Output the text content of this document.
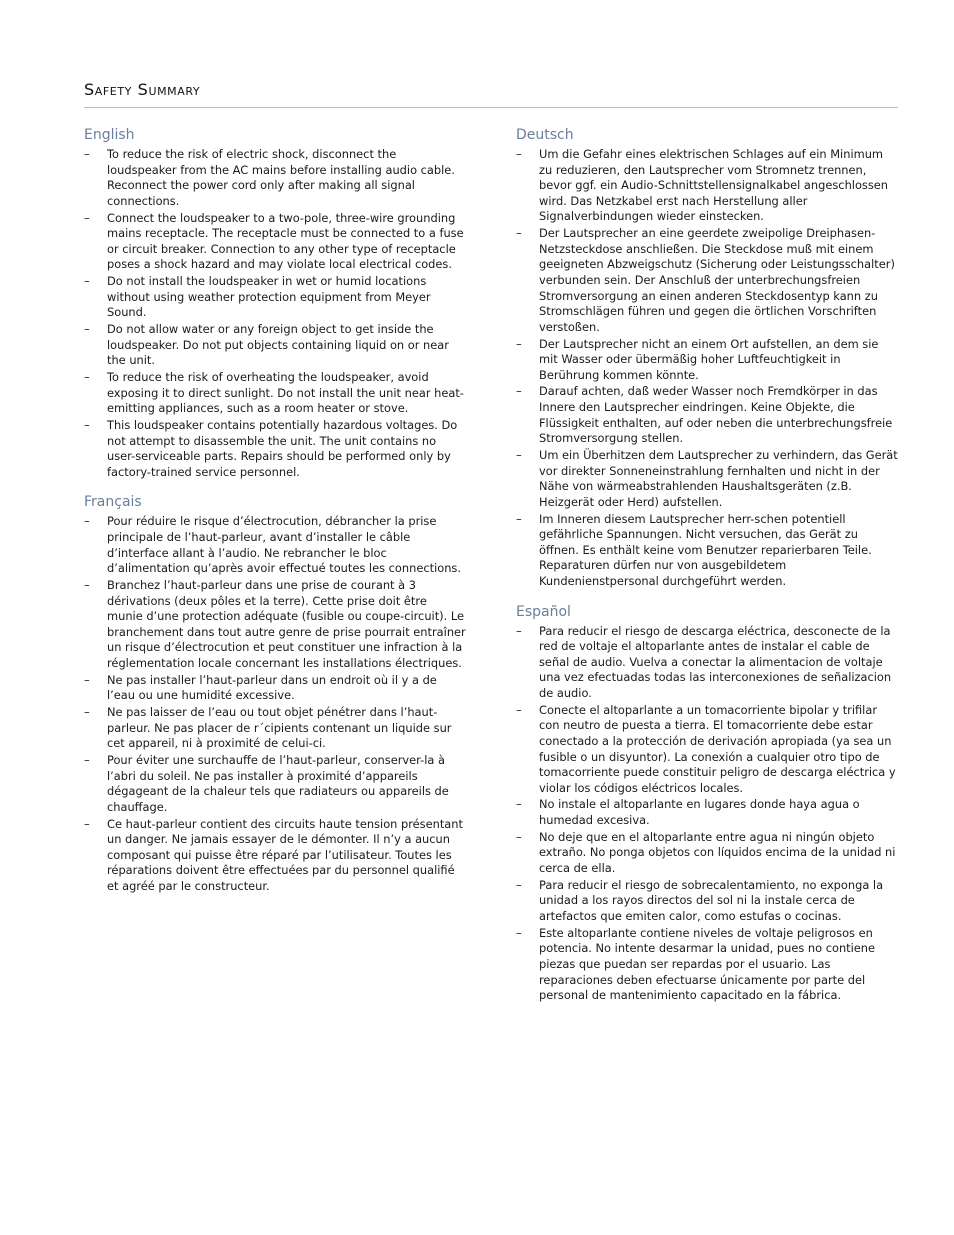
Safety Summary
English
– To reduce the risk of electric shock, disconnect the loudspeaker from the AC mains before installing audio cable. Reconnect the power cord only after making all signal connections.
– Connect the loudspeaker to a two-pole, three-wire grounding mains receptacle. The receptacle must be connected to a fuse or circuit breaker. Connection to any other type of receptacle poses a shock hazard and may violate local electrical codes.
– Do not install the loudspeaker in wet or humid locations without using weather protection equipment from Meyer Sound.
– Do not allow water or any foreign object to get inside the loudspeaker. Do not put objects containing liquid on or near the unit.
– To reduce the risk of overheating the loudspeaker, avoid exposing it to direct sunlight. Do not install the unit near heat-emitting appliances, such as a room heater or stove.
– This loudspeaker contains potentially hazardous voltages. Do not attempt to disassemble the unit. The unit contains no user-serviceable parts. Repairs should be performed only by factory-trained service personnel.
Français
– Pour réduire le risque d’électrocution, débrancher la prise principale de l’haut-parleur, avant d’installer le câble d’interface allant à l’audio. Ne rebrancher le bloc d’alimentation qu’après avoir effectué toutes les connections.
– Branchez l’haut-parleur dans une prise de courant à 3 dérivations (deux pôles et la terre). Cette prise doit être munie d’une protection adéquate (fusible ou coupe-circuit). Le branchement dans tout autre genre de prise pourrait entraîner un risque d’électrocution et peut constituer une infraction à la réglementation locale concernant les installations électriques.
– Ne pas installer l’haut-parleur dans un endroit où il y a de l’eau ou une humidité excessive.
– Ne pas laisser de l’eau ou tout objet pénétrer dans l’haut-parleur. Ne pas placer de r´cipients contenant un liquide sur cet appareil, ni à proximité de celui-ci.
– Pour éviter une surchauffe de l’haut-parleur, conserver-la à l’abri du soleil. Ne pas installer à proximité d’appareils dégageant de la chaleur tels que radiateurs ou appareils de chauffage.
– Ce haut-parleur contient des circuits haute tension présentant un danger. Ne jamais essayer de le démonter. Il n’y a aucun composant qui puisse être réparé par l’utilisateur. Toutes les réparations doivent être effectuées par du personnel qualifié et agréé par le constructeur.
Deutsch
– Um die Gefahr eines elektrischen Schlages auf ein Minimum zu reduzieren, den Lautsprecher vom Stromnetz trennen, bevor ggf. ein Audio-Schnittstellensignalkabel angeschlossen wird. Das Netzkabel erst nach Herstellung aller Signalverbindungen wieder einstecken.
– Der Lautsprecher an eine geerdete zweipolige Dreiphasen-Netzsteckdose anschließen. Die Steckdose muß mit einem geeigneten Abzweigschutz (Sicherung oder Leistungsschalter) verbunden sein. Der Anschluß der unterbrechungsfreien Stromversorgung an einen anderen Steckdosentyp kann zu Stromschlägen führen und gegen die örtlichen Vorschriften verstoßen.
– Der Lautsprecher nicht an einem Ort aufstellen, an dem sie mit Wasser oder übermäßig hoher Luftfeuchtigkeit in Berührung kommen könnte.
– Darauf achten, daß weder Wasser noch Fremdkörper in das Innere den Lautsprecher eindringen. Keine Objekte, die Flüssigkeit enthalten, auf oder neben die unterbrechungsfreie Stromversorgung stellen.
– Um ein Überhitzen dem Lautsprecher zu verhindern, das Gerät vor direkter Sonneneinstrahlung fernhalten und nicht in der Nähe von wärmeabstrahlenden Haushaltsgeräten (z.B. Heizgerät oder Herd) aufstellen.
– Im Inneren diesem Lautsprecher herr-schen potentiell gefährliche Spannungen. Nicht versuchen, das Gerät zu öffnen. Es enthält keine vom Benutzer reparierbaren Teile. Reparaturen dürfen nur von ausgebildetem Kundenienstpersonal durchgeführt werden.
Español
– Para reducir el riesgo de descarga eléctrica, desconecte de la red de voltaje el altoparlante antes de instalar el cable de señal de audio. Vuelva a conectar la alimentacion de voltaje una vez efectuadas todas las interconexiones de señalizacion de audio.
– Conecte el altoparlante a un tomacorriente bipolar y trifilar con neutro de puesta a tierra. El tomacorriente debe estar conectado a la protección de derivación apropiada (ya sea un fusible o un disyuntor). La conexión a cualquier otro tipo de tomacorriente puede constituir peligro de descarga eléctrica y violar los códigos eléctricos locales.
– No instale el altoparlante en lugares donde haya agua o humedad excesiva.
– No deje que en el altoparlante entre agua ni ningún objeto extraño. No ponga objetos con líquidos encima de la unidad ni cerca de ella.
– Para reducir el riesgo de sobrecalentamiento, no exponga la unidad a los rayos directos del sol ni la instale cerca de artefactos que emiten calor, como estufas o cocinas.
– Este altoparlante contiene niveles de voltaje peligrosos en potencia. No intente desarmar la unidad, pues no contiene piezas que puedan ser repardas por el usuario. Las reparaciones deben efectuarse únicamente por parte del personal de mantenimiento capacitado en la fábrica.
